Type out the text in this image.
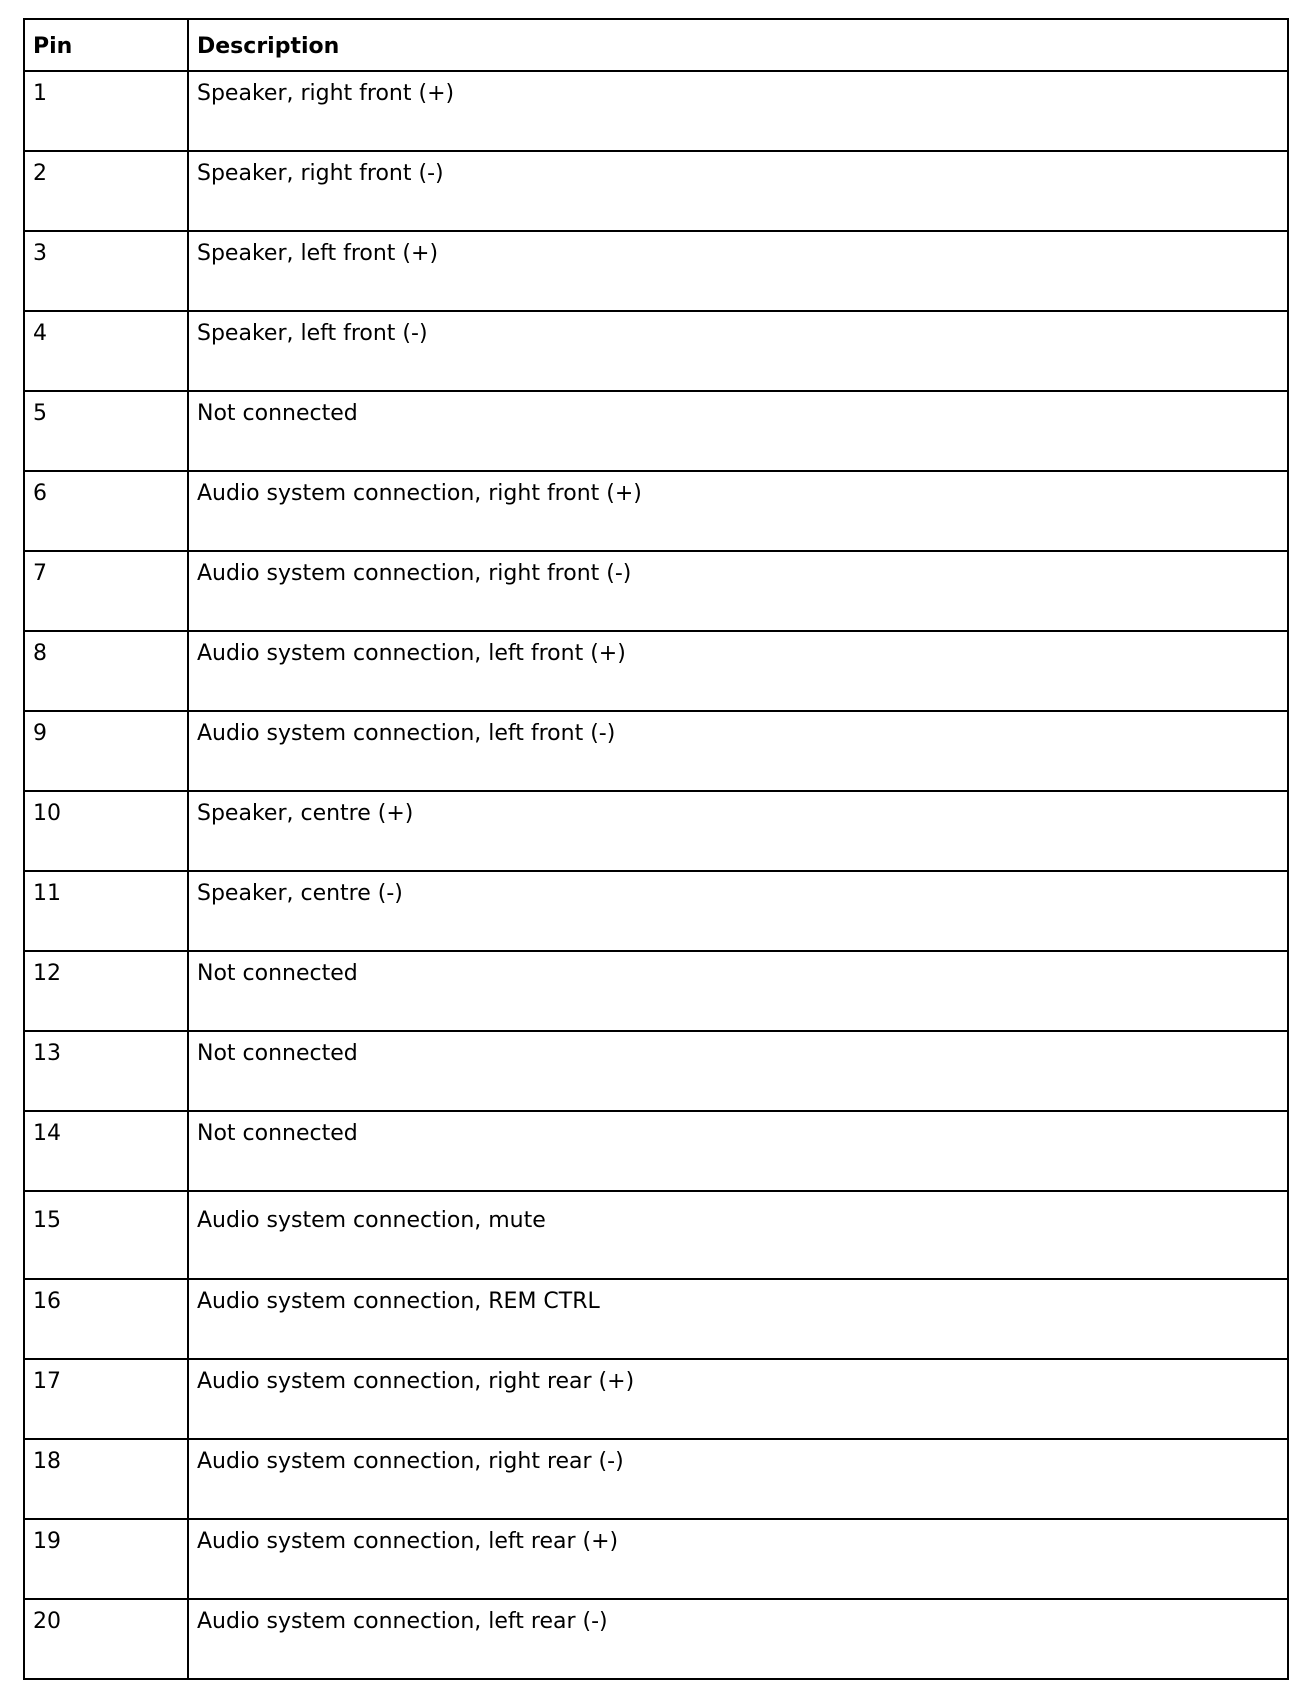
Pin	Description
1	Speaker, right front (+)
2	Speaker, right front (-)
3	Speaker, left front (+)
4	Speaker, left front (-)
5	Not connected
6	Audio system connection, right front (+)
7	Audio system connection, right front (-)
8	Audio system connection, left front (+)
9	Audio system connection, left front (-)
10	Speaker, centre (+)
11	Speaker, centre (-)
12	Not connected
13	Not connected
14	Not connected
15	Audio system connection, mute
16	Audio system connection, REM CTRL
17	Audio system connection, right rear (+)
18	Audio system connection, right rear (-)
19	Audio system connection, left rear (+)
20	Audio system connection, left rear (-)
